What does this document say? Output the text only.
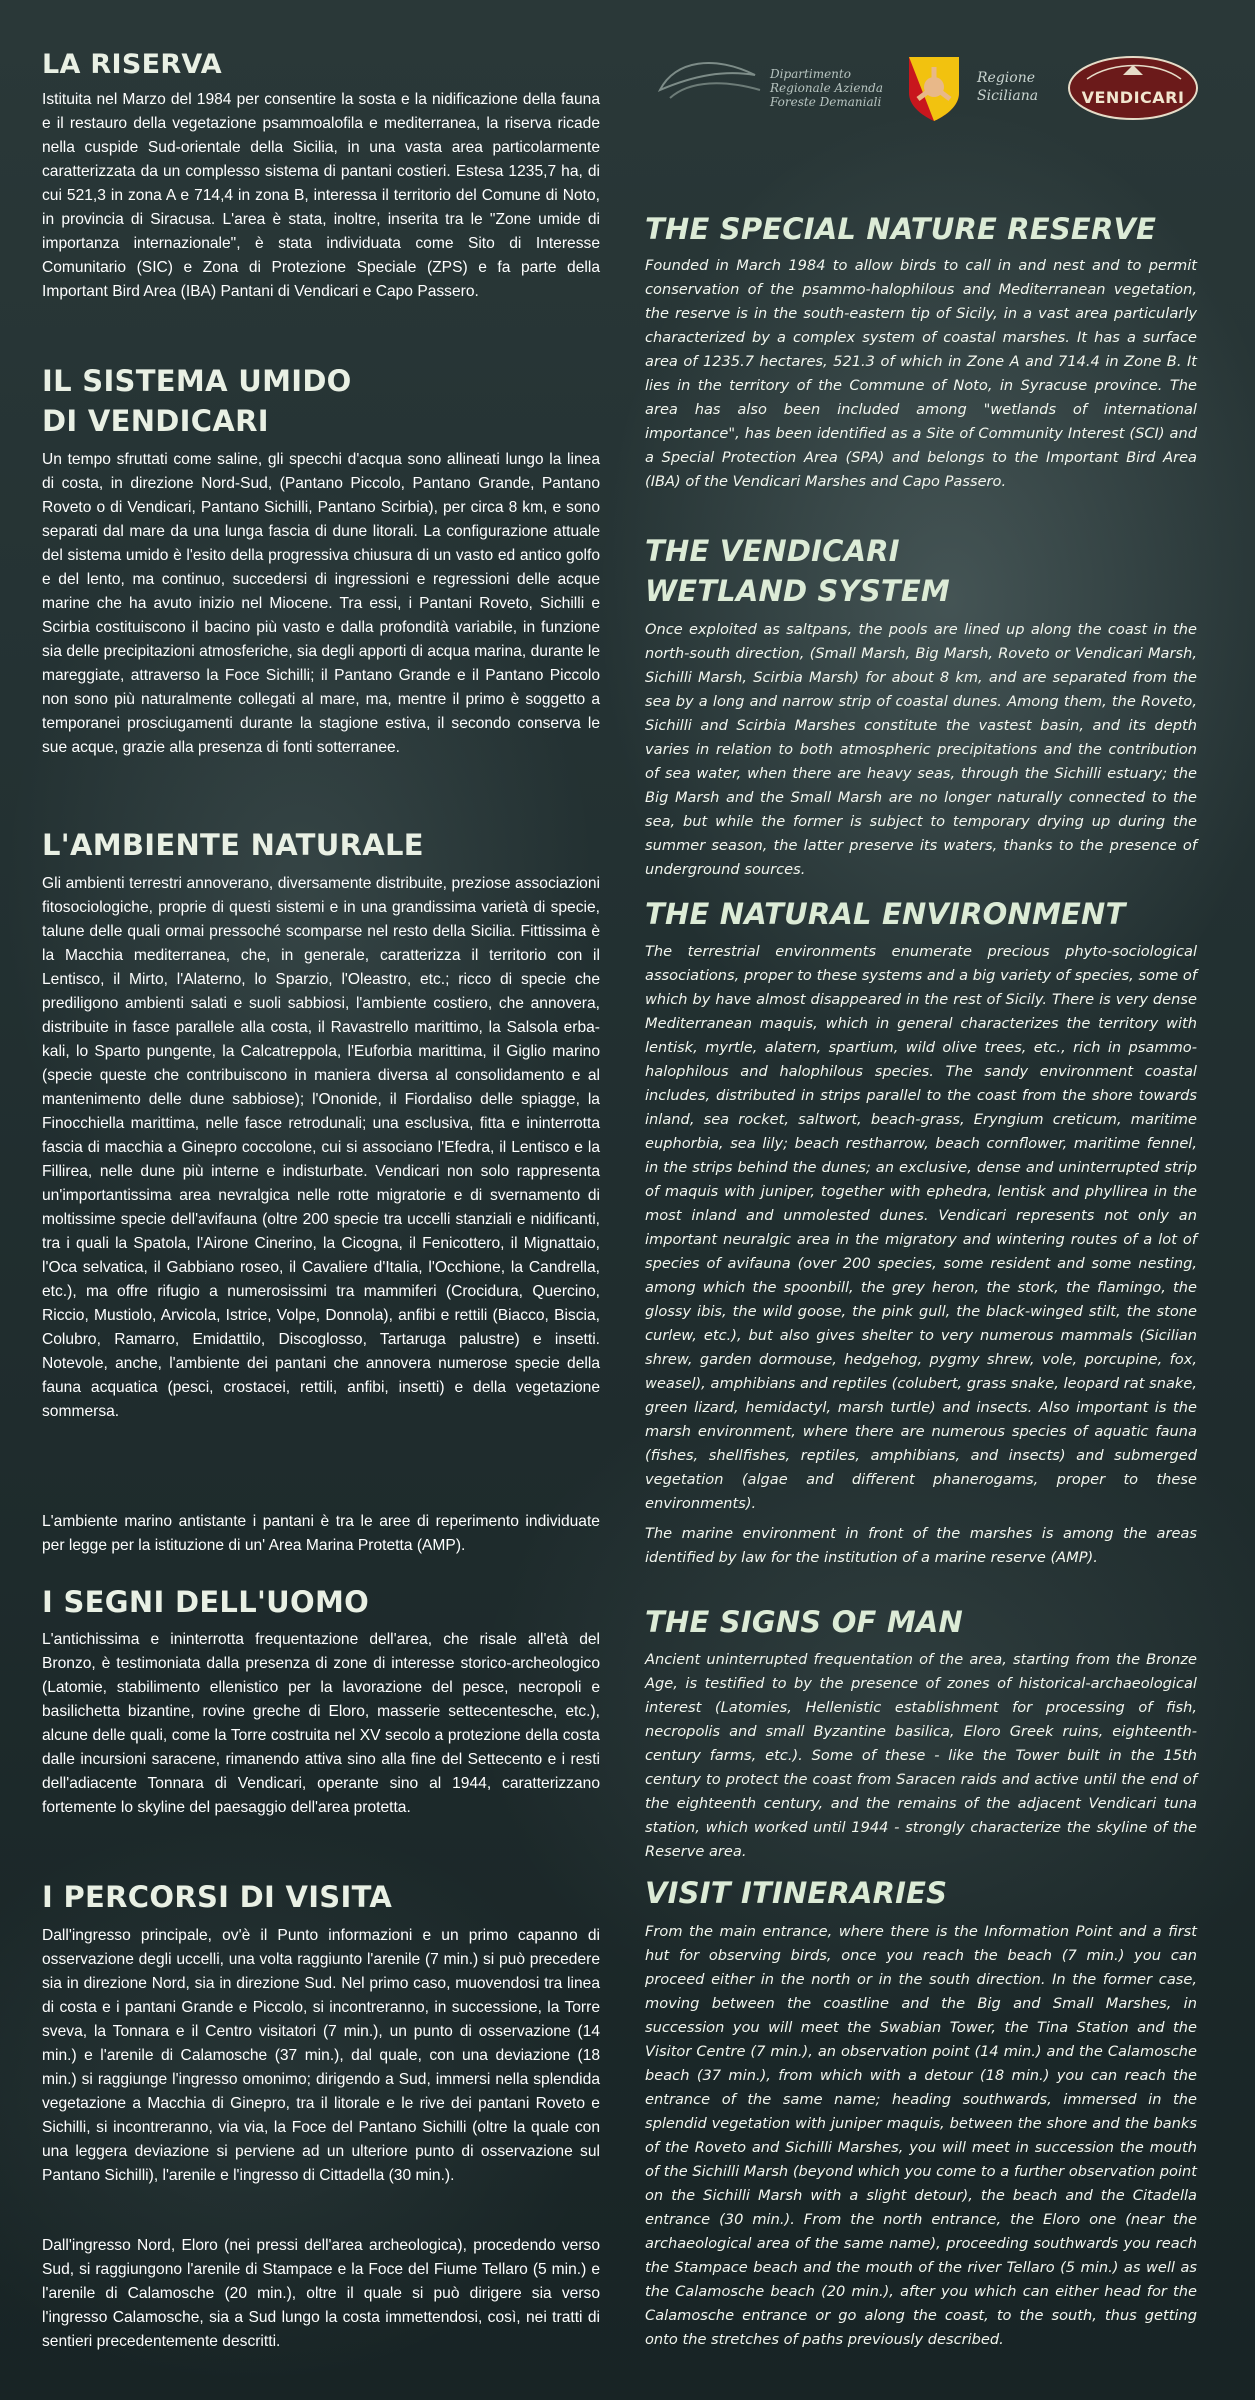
Dipartimento
Regionale Azienda
Foreste Demaniali
Regione
Siciliana	VENDICARI
LA RISERVA

Istituita nel Marzo del 1984 per consentire la sosta e la nidificazione della fauna e il restauro della vegetazione psammoalofila e mediterranea, la riserva ricade nella cuspide Sud-orientale della Sicilia, in una vasta area particolarmente caratterizzata da un complesso sistema di pantani costieri. Estesa 1235,7 ha, di cui 521,3 in zona A e 714,4 in zona B, interessa il territorio del Comune di Noto, in provincia di Siracusa. L'area è stata, inoltre, inserita tra le "Zone umide di importanza internazionale", è stata individuata come Sito di Interesse Comunitario (SIC) e Zona di Protezione Speciale (ZPS) e fa parte della Important Bird Area (IBA) Pantani di Vendicari e Capo Passero.

IL SISTEMA UMIDO
DI VENDICARI

Un tempo sfruttati come saline, gli specchi d'acqua sono allineati lungo la linea di costa, in direzione Nord-Sud, (Pantano Piccolo, Pantano Grande, Pantano Roveto o di Vendicari, Pantano Sichilli, Pantano Scirbia), per circa 8 km, e sono separati dal mare da una lunga fascia di dune litorali. La configurazione attuale del sistema umido è l'esito della progressiva chiusura di un vasto ed antico golfo e del lento, ma continuo, succedersi di ingressioni e regressioni delle acque marine che ha avuto inizio nel Miocene. Tra essi, i Pantani Roveto, Sichilli e Scirbia costituiscono il bacino più vasto e dalla profondità variabile, in funzione sia delle precipitazioni atmosferiche, sia degli apporti di acqua marina, durante le mareggiate, attraverso la Foce Sichilli; il Pantano Grande e il Pantano Piccolo non sono più naturalmente collegati al mare, ma, mentre il primo è soggetto a temporanei prosciugamenti durante la stagione estiva, il secondo conserva le sue acque, grazie alla presenza di fonti sotterranee.

L'AMBIENTE NATURALE

Gli ambienti terrestri annoverano, diversamente distribuite, preziose associazioni fitosociologiche, proprie di questi sistemi e in una grandissima varietà di specie, talune delle quali ormai pressoché scomparse nel resto della Sicilia. Fittissima è la Macchia mediterranea, che, in generale, caratterizza il territorio con il Lentisco, il Mirto, l'Alaterno, lo Sparzio, l'Oleastro, etc.; ricco di specie che prediligono ambienti salati e suoli sabbiosi, l'ambiente costiero, che annovera, distribuite in fasce parallele alla costa, il Ravastrello marittimo, la Salsola erba-kali, lo Sparto pungente, la Calcatreppola, l'Euforbia marittima, il Giglio marino (specie queste che contribuiscono in maniera diversa al consolidamento e al mantenimento delle dune sabbiose); l'Ononide, il Fiordaliso delle spiagge, la Finocchiella marittima, nelle fasce retrodunali; una esclusiva, fitta e ininterrotta fascia di macchia a Ginepro coccolone, cui si associano l'Efedra, il Lentisco e la Fillirea, nelle dune più interne e indisturbate. Vendicari non solo rappresenta un'importantissima area nevralgica nelle rotte migratorie e di svernamento di moltissime specie dell'avifauna (oltre 200 specie tra uccelli stanziali e nidificanti, tra i quali la Spatola, l'Airone Cinerino, la Cicogna, il Fenicottero, il Mignattaio, l'Oca selvatica, il Gabbiano roseo, il Cavaliere d'Italia, l'Occhione, la Candrella, etc.), ma offre rifugio a numerosissimi tra mammiferi (Crocidura, Quercino, Riccio, Mustiolo, Arvicola, Istrice, Volpe, Donnola), anfibi e rettili (Biacco, Biscia, Colubro, Ramarro, Emidattilo, Discoglosso, Tartaruga palustre) e insetti. Notevole, anche, l'ambiente dei pantani che annovera numerose specie della fauna acquatica (pesci, crostacei, rettili, anfibi, insetti) e della vegetazione sommersa.

L'ambiente marino antistante i pantani è tra le aree di reperimento individuate per legge per la istituzione di un' Area Marina Protetta (AMP).

I SEGNI DELL'UOMO

L'antichissima e ininterrotta frequentazione dell'area, che risale all'età del Bronzo, è testimoniata dalla presenza di zone di interesse storico-archeologico (Latomie, stabilimento ellenistico per la lavorazione del pesce, necropoli e basilichetta bizantine, rovine greche di Eloro, masserie settecentesche, etc.), alcune delle quali, come la Torre costruita nel XV secolo a protezione della costa dalle incursioni saracene, rimanendo attiva sino alla fine del Settecento e i resti dell'adiacente Tonnara di Vendicari, operante sino al 1944, caratterizzano fortemente lo skyline del paesaggio dell'area protetta.

I PERCORSI DI VISITA

Dall'ingresso principale, ov'è il Punto informazioni e un primo capanno di osservazione degli uccelli, una volta raggiunto l'arenile (7 min.) si può precedere sia in direzione Nord, sia in direzione Sud. Nel primo caso, muovendosi tra linea di costa e i pantani Grande e Piccolo, si incontreranno, in successione, la Torre sveva, la Tonnara e il Centro visitatori (7 min.), un punto di osservazione (14 min.) e l'arenile di Calamosche (37 min.), dal quale, con una deviazione (18 min.) si raggiunge l'ingresso omonimo; dirigendo a Sud, immersi nella splendida vegetazione a Macchia di Ginepro, tra il litorale e le rive dei pantani Roveto e Sichilli, si incontreranno, via via, la Foce del Pantano Sichilli (oltre la quale con una leggera deviazione si perviene ad un ulteriore punto di osservazione sul Pantano Sichilli), l'arenile e l'ingresso di Cittadella (30 min.).

Dall'ingresso Nord, Eloro (nei pressi dell'area archeologica), procedendo verso Sud, si raggiungono l'arenile di Stampace e la Foce del Fiume Tellaro (5 min.) e l'arenile di Calamosche (20 min.), oltre il quale si può dirigere sia verso l'ingresso Calamosche, sia a Sud lungo la costa immettendosi, così, nei tratti di sentieri precedentemente descritti.

THE SPECIAL NATURE RESERVE

Founded in March 1984 to allow birds to call in and nest and to permit conservation of the psammo-halophilous and Mediterranean vegetation, the reserve is in the south-eastern tip of Sicily, in a vast area particularly characterized by a complex system of coastal marshes. It has a surface area of 1235.7 hectares, 521.3 of which in Zone A and 714.4 in Zone B. It lies in the territory of the Commune of Noto, in Syracuse province. The area has also been included among "wetlands of international importance", has been identified as a Site of Community Interest (SCI) and a Special Protection Area (SPA) and belongs to the Important Bird Area (IBA) of the Vendicari Marshes and Capo Passero.

THE VENDICARI
WETLAND SYSTEM

Once exploited as saltpans, the pools are lined up along the coast in the north-south direction, (Small Marsh, Big Marsh, Roveto or Vendicari Marsh, Sichilli Marsh, Scirbia Marsh) for about 8 km, and are separated from the sea by a long and narrow strip of coastal dunes. Among them, the Roveto, Sichilli and Scirbia Marshes constitute the vastest basin, and its depth varies in relation to both atmospheric precipitations and the contribution of sea water, when there are heavy seas, through the Sichilli estuary; the Big Marsh and the Small Marsh are no longer naturally connected to the sea, but while the former is subject to temporary drying up during the summer season, the latter preserve its waters, thanks to the presence of underground sources.

THE NATURAL ENVIRONMENT

The terrestrial environments enumerate precious phyto-sociological associations, proper to these systems and a big variety of species, some of which by have almost disappeared in the rest of Sicily. There is very dense Mediterranean maquis, which in general characterizes the territory with lentisk, myrtle, alatern, spartium, wild olive trees, etc., rich in psammo-halophilous and halophilous species. The sandy environment coastal includes, distributed in strips parallel to the coast from the shore towards inland, sea rocket, saltwort, beach-grass, Eryngium creticum, maritime euphorbia, sea lily; beach restharrow, beach cornflower, maritime fennel, in the strips behind the dunes; an exclusive, dense and uninterrupted strip of maquis with juniper, together with ephedra, lentisk and phyllirea in the most inland and unmolested dunes. Vendicari represents not only an important neuralgic area in the migratory and wintering routes of a lot of species of avifauna (over 200 species, some resident and some nesting, among which the spoonbill, the grey heron, the stork, the flamingo, the glossy ibis, the wild goose, the pink gull, the black-winged stilt, the stone curlew, etc.), but also gives shelter to very numerous mammals (Sicilian shrew, garden dormouse, hedgehog, pygmy shrew, vole, porcupine, fox, weasel), amphibians and reptiles (colubert, grass snake, leopard rat snake, green lizard, hemidactyl, marsh turtle) and insects. Also important is the marsh environment, where there are numerous species of aquatic fauna (fishes, shellfishes, reptiles, amphibians, and insects) and submerged vegetation (algae and different phanerogams, proper to these environments).

The marine environment in front of the marshes is among the areas identified by law for the institution of a marine reserve (AMP).

THE SIGNS OF MAN

Ancient uninterrupted frequentation of the area, starting from the Bronze Age, is testified to by the presence of zones of historical-archaeological interest (Latomies, Hellenistic establishment for processing of fish, necropolis and small Byzantine basilica, Eloro Greek ruins, eighteenth-century farms, etc.). Some of these - like the Tower built in the 15th century to protect the coast from Saracen raids and active until the end of the eighteenth century, and the remains of the adjacent Vendicari tuna station, which worked until 1944 - strongly characterize the skyline of the Reserve area.

VISIT ITINERARIES

From the main entrance, where there is the Information Point and a first hut for observing birds, once you reach the beach (7 min.) you can proceed either in the north or in the south direction. In the former case, moving between the coastline and the Big and Small Marshes, in succession you will meet the Swabian Tower, the Tina Station and the Visitor Centre (7 min.), an observation point (14 min.) and the Calamosche beach (37 min.), from which with a detour (18 min.) you can reach the entrance of the same name; heading southwards, immersed in the splendid vegetation with juniper maquis, between the shore and the banks of the Roveto and Sichilli Marshes, you will meet in succession the mouth of the Sichilli Marsh (beyond which you come to a further observation point on the Sichilli Marsh with a slight detour), the beach and the Citadella entrance (30 min.). From the north entrance, the Eloro one (near the archaeological area of the same name), proceeding southwards you reach the Stampace beach and the mouth of the river Tellaro (5 min.) as well as the Calamosche beach (20 min.), after you which can either head for the Calamosche entrance or go along the coast, to the south, thus getting onto the stretches of paths previously described.
